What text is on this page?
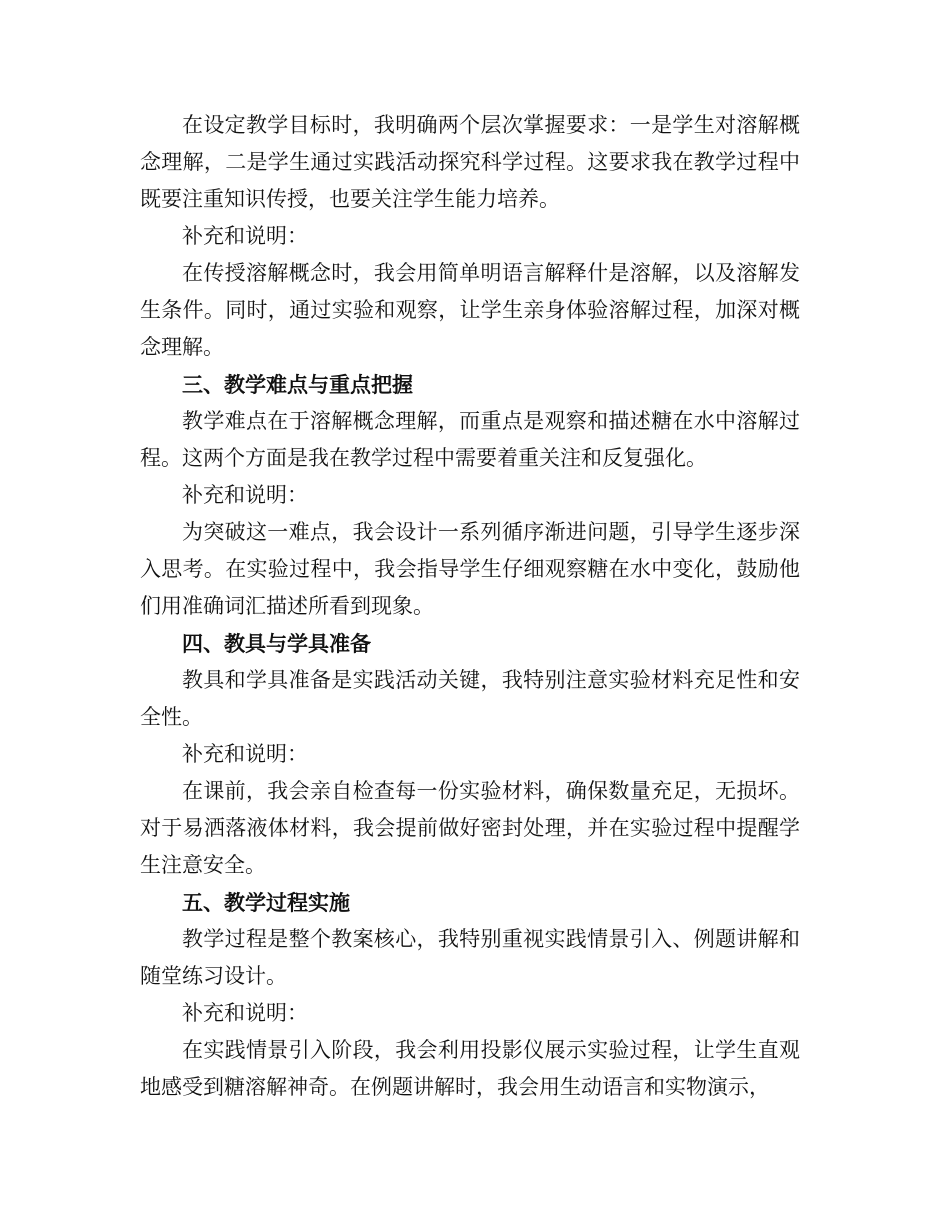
在设定教学目标时，我明确两个层次掌握要求：一是学生对溶解概念理解，二是学生通过实践活动探究科学过程。这要求我在教学过程中既要注重知识传授，也要关注学生能力培养。

补充和说明：

在传授溶解概念时，我会用简单明语言解释什是溶解，以及溶解发生条件。同时，通过实验和观察，让学生亲身体验溶解过程，加深对概念理解。

三、教学难点与重点把握

教学难点在于溶解概念理解，而重点是观察和描述糖在水中溶解过程。这两个方面是我在教学过程中需要着重关注和反复强化。

补充和说明：

为突破这一难点，我会设计一系列循序渐进问题，引导学生逐步深入思考。在实验过程中，我会指导学生仔细观察糖在水中变化，鼓励他们用准确词汇描述所看到现象。

四、教具与学具准备

教具和学具准备是实践活动关键，我特别注意实验材料充足性和安全性。

补充和说明：

在课前，我会亲自检查每一份实验材料，确保数量充足，无损坏。对于易洒落液体材料，我会提前做好密封处理，并在实验过程中提醒学生注意安全。

五、教学过程实施

教学过程是整个教案核心，我特别重视实践情景引入、例题讲解和随堂练习设计。

补充和说明：

在实践情景引入阶段，我会利用投影仪展示实验过程，让学生直观地感受到糖溶解神奇。在例题讲解时，我会用生动语言和实物演示，
